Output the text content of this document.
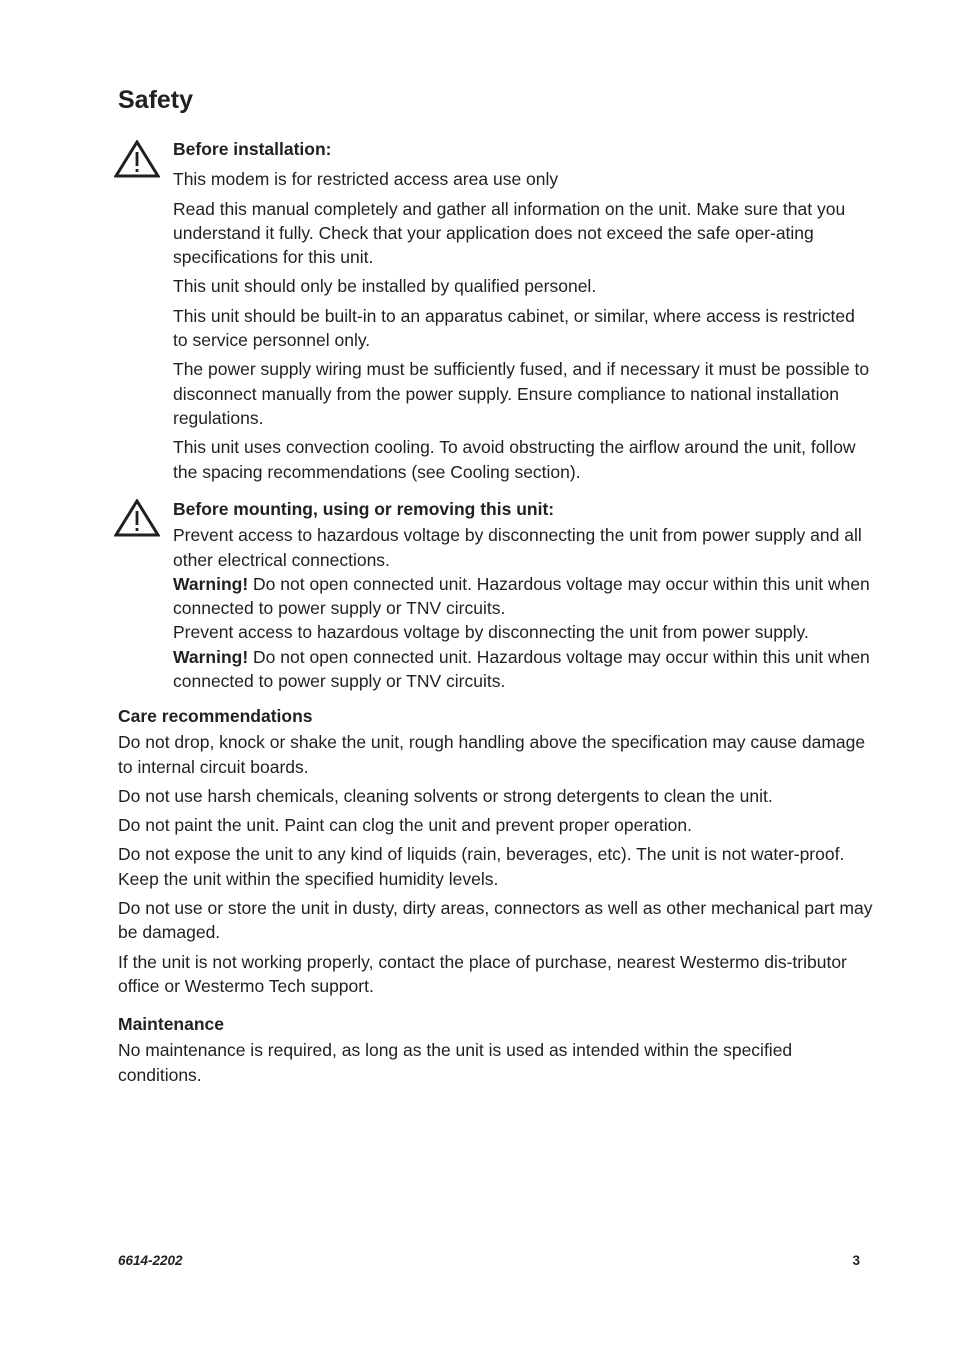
Safety

Before installation:

This modem is for restricted access area use only

Read this manual completely and gather all information on the unit. Make sure that you understand it fully. Check that your application does not exceed the safe oper-ating specifications for this unit.

This unit should only be installed by qualified personel.

This unit should be built-in to an apparatus cabinet, or similar, where access is restricted to service personnel only.

The power supply wiring must be sufficiently fused, and if necessary it must be possible to disconnect manually from the power supply. Ensure compliance to national installation regulations.

This unit uses convection cooling. To avoid obstructing the airflow around the unit, follow the spacing recommendations (see Cooling section).

Before mounting, using or removing this unit:

Prevent access to hazardous voltage by disconnecting the unit from power supply and all other electrical connections.

Warning! Do not open connected unit. Hazardous voltage may occur within this unit when connected to power supply or TNV circuits.

Prevent access to hazardous voltage by disconnecting the unit from power supply.

Warning! Do not open connected unit. Hazardous voltage may occur within this unit when connected to power supply or TNV circuits.

Care recommendations

Do not drop, knock or shake the unit, rough handling above the specification may cause damage to internal circuit boards.

Do not use harsh chemicals, cleaning solvents or strong detergents to clean the unit.

Do not paint the unit. Paint can clog the unit and prevent proper operation.

Do not expose the unit to any kind of liquids (rain, beverages, etc). The unit is not water-proof. Keep the unit within the specified humidity levels.

Do not use or store the unit in dusty, dirty areas, connectors as well as other mechanical part may be damaged.

If the unit is not working properly, contact the place of purchase, nearest Westermo dis-tributor office or Westermo Tech support.

Maintenance

No maintenance is required, as long as the unit is used as intended within the specified conditions.

6614-2202	3
